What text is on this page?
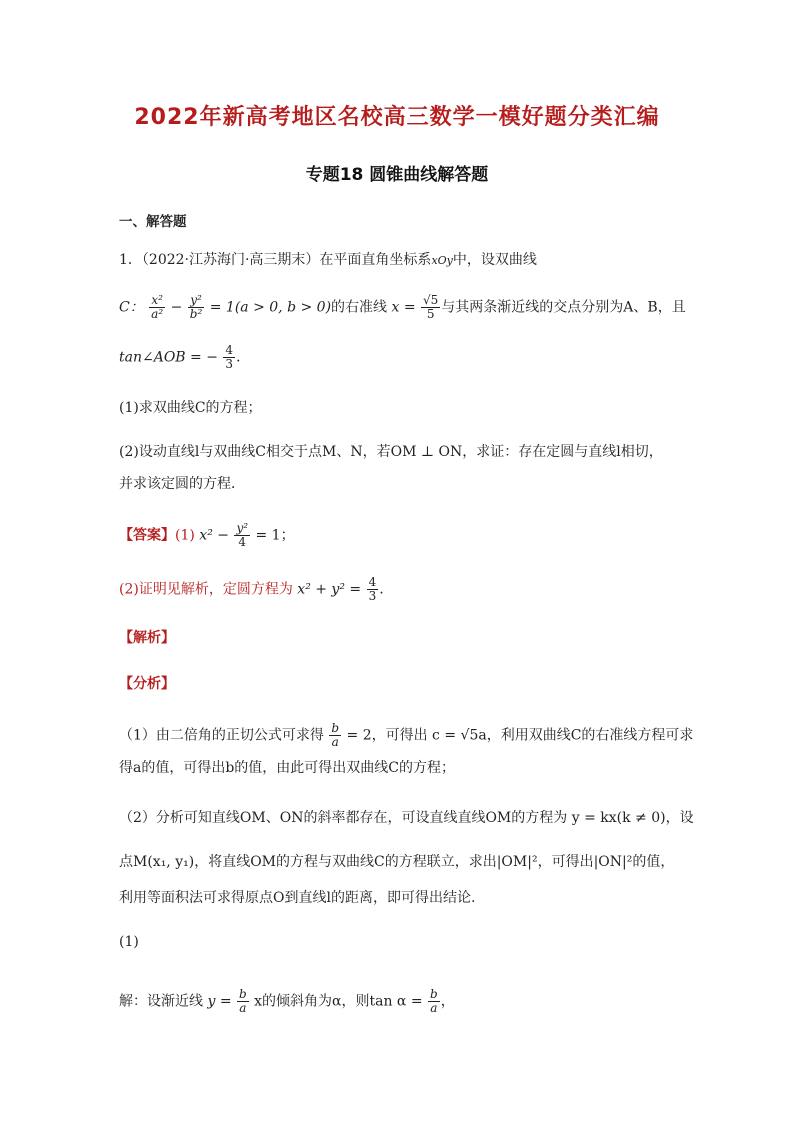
2022年新高考地区名校高三数学一模好题分类汇编
专题18 圆锥曲线解答题
一、解答题
1．（2022·江苏海门·高三期末）在平面直角坐标系xOy中，设双曲线
C： $\frac{\text{x²}}{\text{a²}} - \frac{\text{y²}}{\text{b²}} = 1(a > 0$, b > 0)的右准线 $x = \frac{√5}{5}$ 与其两条渐近线的交点分别为A、B，且
tan∠AOB = − $\frac{4}{3}$ ．
(1)求双曲线C的方程；
(2)设动直线l与双曲线C相交于点M、N，若OM ⊥ ON，求证：存在定圆与直线l相切，
并求该定圆的方程．
【答案】(1) $x^2 - \frac{\text{y²}}{4} = 1$；
(2)证明见解析，定圆方程为 $x^2 + y^2 = \frac{4}{3}$ .
【解析】
【分析】
（1）由二倍角的正切公式可求得 $\frac{b}{a} = 2$，可得出 c = √5a，利用双曲线C的右准线方程可求
得a的值，可得出b的值，由此可得出双曲线C的方程；
（2）分析可知直线OM、ON的斜率都存在，可设直线直线OM的方程为 y = kx(k ≠ 0)，设
点M(x₁, y₁)，将直线OM的方程与双曲线C的方程联立，求出|OM|²，可得出|ON|²的值，
利用等面积法可求得原点O到直线l的距离，即可得出结论.
(1)
解：设渐近线 $y = \frac{b}{a}$ x的倾斜角为α，则$\tan \alpha = \frac{b}{a}$ ，
